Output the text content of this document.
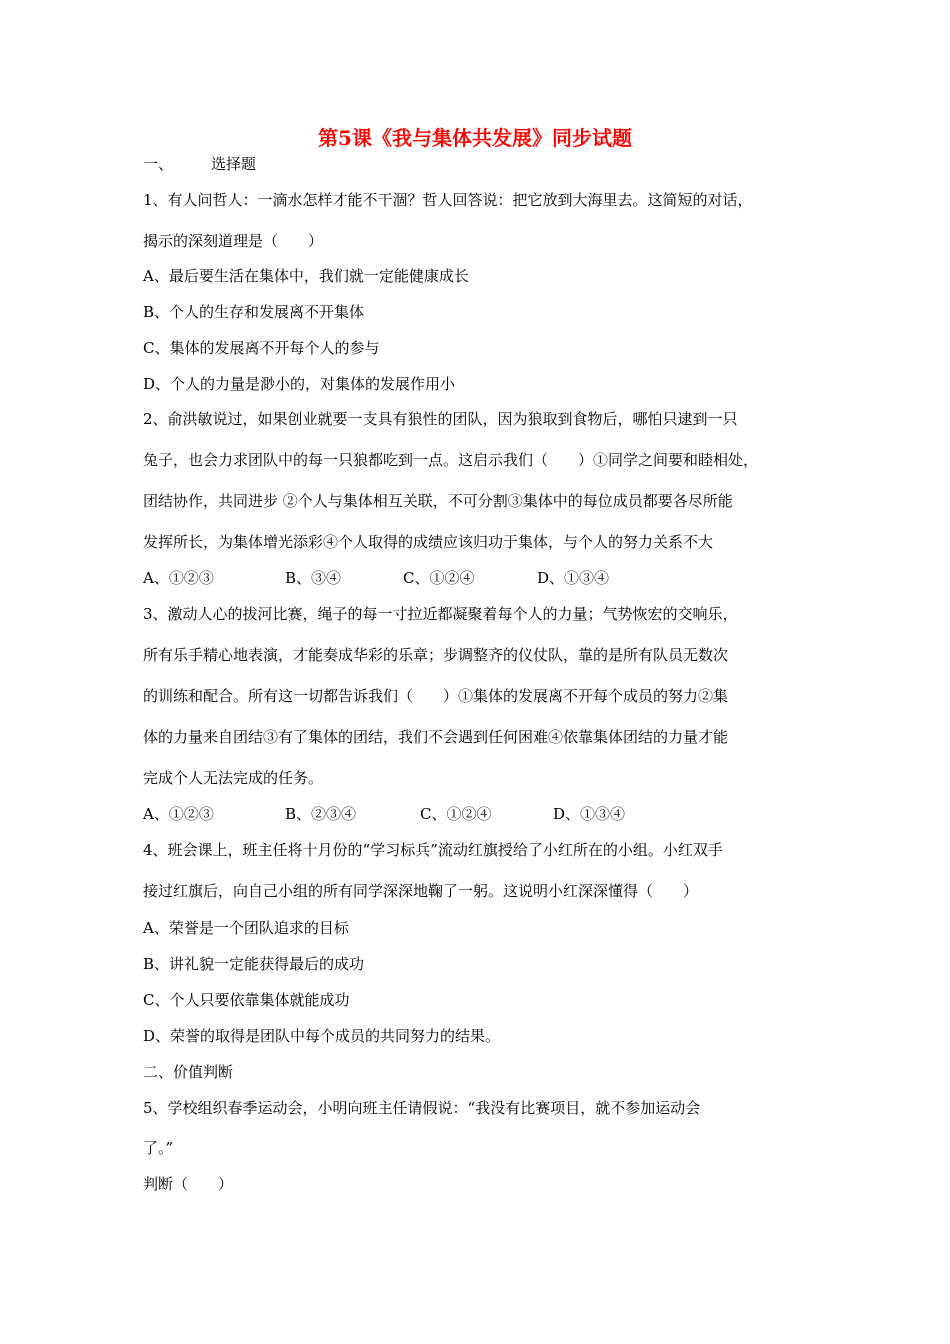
第5课《我与集体共发展》同步试题
一、	选择题
1、有人问哲人：一滴水怎样才能不干涸？哲人回答说：把它放到大海里去。这简短的对话，
揭示的深刻道理是（　　）
A、最后要生活在集体中，我们就一定能健康成长
B、个人的生存和发展离不开集体
C、集体的发展离不开每个人的参与
D、个人的力量是渺小的，对集体的发展作用小
2、俞洪敏说过，如果创业就要一支具有狼性的团队，因为狼取到食物后，哪怕只逮到一只
兔子，也会力求团队中的每一只狼都吃到一点。这启示我们（　　）①同学之间要和睦相处，
团结协作，共同进步 ②个人与集体相互关联，不可分割③集体中的每位成员都要各尽所能
发挥所长，为集体增光添彩④个人取得的成绩应该归功于集体，与个人的努力关系不大
A、①②③	B、③④	C、①②④	D、①③④
3、激动人心的拔河比赛，绳子的每一寸拉近都凝聚着每个人的力量；气势恢宏的交响乐，
所有乐手精心地表演，才能奏成华彩的乐章；步调整齐的仪仗队，靠的是所有队员无数次
的训练和配合。所有这一切都告诉我们（　　）①集体的发展离不开每个成员的努力②集
体的力量来自团结③有了集体的团结，我们不会遇到任何困难④依靠集体团结的力量才能
完成个人无法完成的任务。
A、①②③	B、②③④	C、①②④	D、①③④
4、班会课上，班主任将十月份的“学习标兵”流动红旗授给了小红所在的小组。小红双手
接过红旗后，向自己小组的所有同学深深地鞠了一躬。这说明小红深深懂得（　　）
A、荣誉是一个团队追求的目标
B、讲礼貌一定能获得最后的成功
C、个人只要依靠集体就能成功
D、荣誉的取得是团队中每个成员的共同努力的结果。
二、价值判断
5、学校组织春季运动会，小明向班主任请假说：“我没有比赛项目，就不参加运动会
了。”
判断（　　）
